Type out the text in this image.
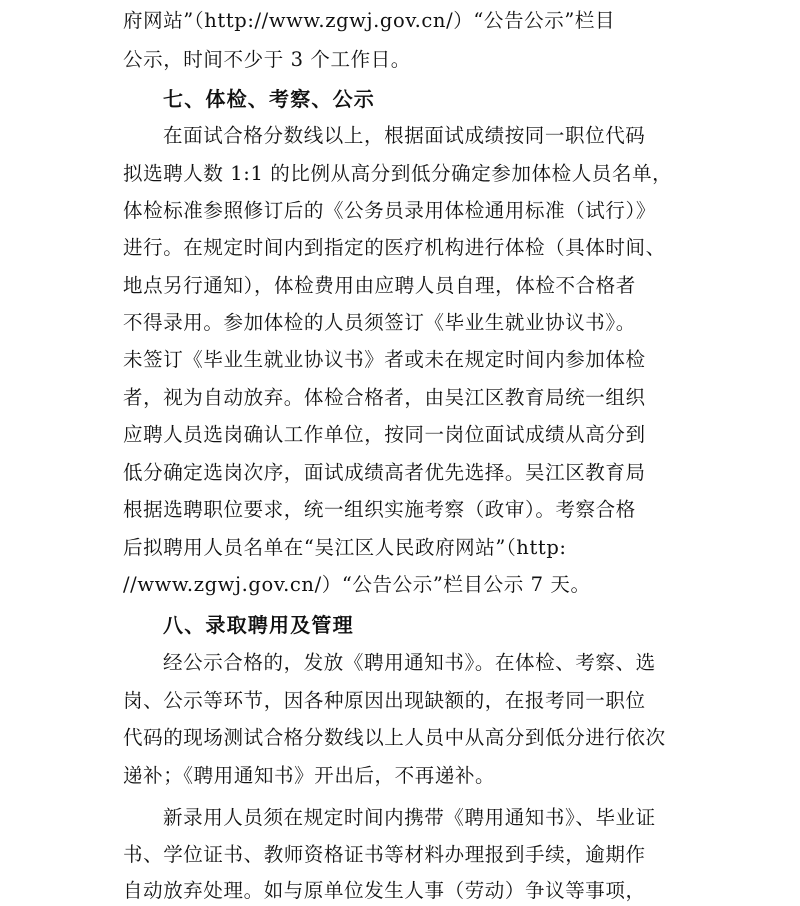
府网站”（http://www.zgwj.gov.cn/）“公告公示”栏目
公示，时间不少于 3 个工作日。
七、体检、考察、公示
在面试合格分数线以上，根据面试成绩按同一职位代码
拟选聘人数 1:1 的比例从高分到低分确定参加体检人员名单，
体检标准参照修订后的《公务员录用体检通用标准（试行）》
进行。在规定时间内到指定的医疗机构进行体检（具体时间、
地点另行通知），体检费用由应聘人员自理，体检不合格者
不得录用。参加体检的人员须签订《毕业生就业协议书》。
未签订《毕业生就业协议书》者或未在规定时间内参加体检
者，视为自动放弃。体检合格者，由吴江区教育局统一组织
应聘人员选岗确认工作单位，按同一岗位面试成绩从高分到
低分确定选岗次序，面试成绩高者优先选择。吴江区教育局
根据选聘职位要求，统一组织实施考察（政审）。考察合格
后拟聘用人员名单在“吴江区人民政府网站”（http:
//www.zgwj.gov.cn/）“公告公示”栏目公示 7 天。
八、录取聘用及管理
经公示合格的，发放《聘用通知书》。在体检、考察、选
岗、公示等环节，因各种原因出现缺额的，在报考同一职位
代码的现场测试合格分数线以上人员中从高分到低分进行依次
递补；《聘用通知书》开出后，不再递补。
新录用人员须在规定时间内携带《聘用通知书》、毕业证
书、学位证书、教师资格证书等材料办理报到手续，逾期作
自动放弃处理。如与原单位发生人事（劳动）争议等事项，
